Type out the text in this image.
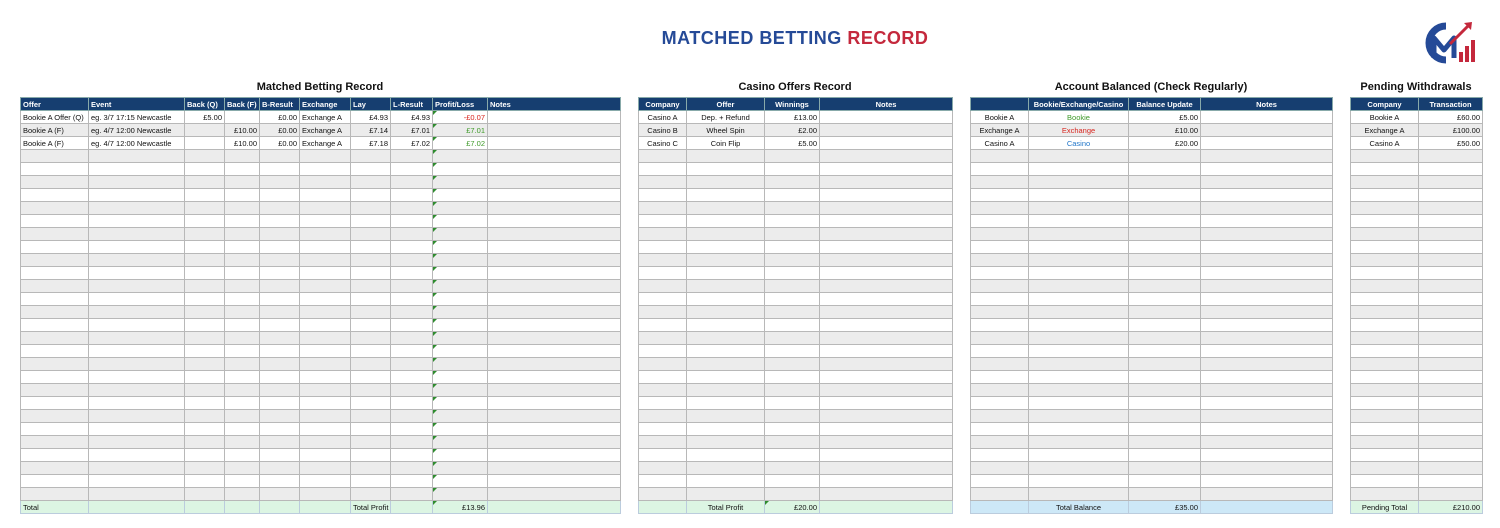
MATCHED BETTING RECORD
Matched Betting Record	Casino Offers Record	Account Balanced (Check Regularly)	Pending Withdrawals
Offer	Event	Back (Q)	Back (F)	B-Result	Exchange	Lay	L-Result	Profit/Loss	Notes
Bookie A Offer (Q)	eg. 3/7 17:15 Newcastle	£5.00		£0.00	Exchange A	£4.93	£4.93	-£0.07	
Bookie A (F)	eg. 4/7 12:00 Newcastle		£10.00	£0.00	Exchange A	£7.14	£7.01	£7.01	
Bookie A (F)	eg. 4/7 12:00 Newcastle		£10.00	£0.00	Exchange A	£7.18	£7.02	£7.02	

Total						Total Profit		£13.96	
Company	Offer	Winnings	Notes
Casino A	Dep. + Refund	£13.00	
Casino B	Wheel Spin	£2.00	
Casino C	Coin Flip	£5.00	

	Total Profit	£20.00	
	Bookie/Exchange/Casino	Balance Update	Notes
Bookie A	Bookie	£5.00	
Exchange A	Exchange	£10.00	
Casino A	Casino	£20.00	

	Total Balance	£35.00	
Company	Transaction
Bookie A	£60.00
Exchange A	£100.00
Casino A	£50.00

Pending Total	£210.00
